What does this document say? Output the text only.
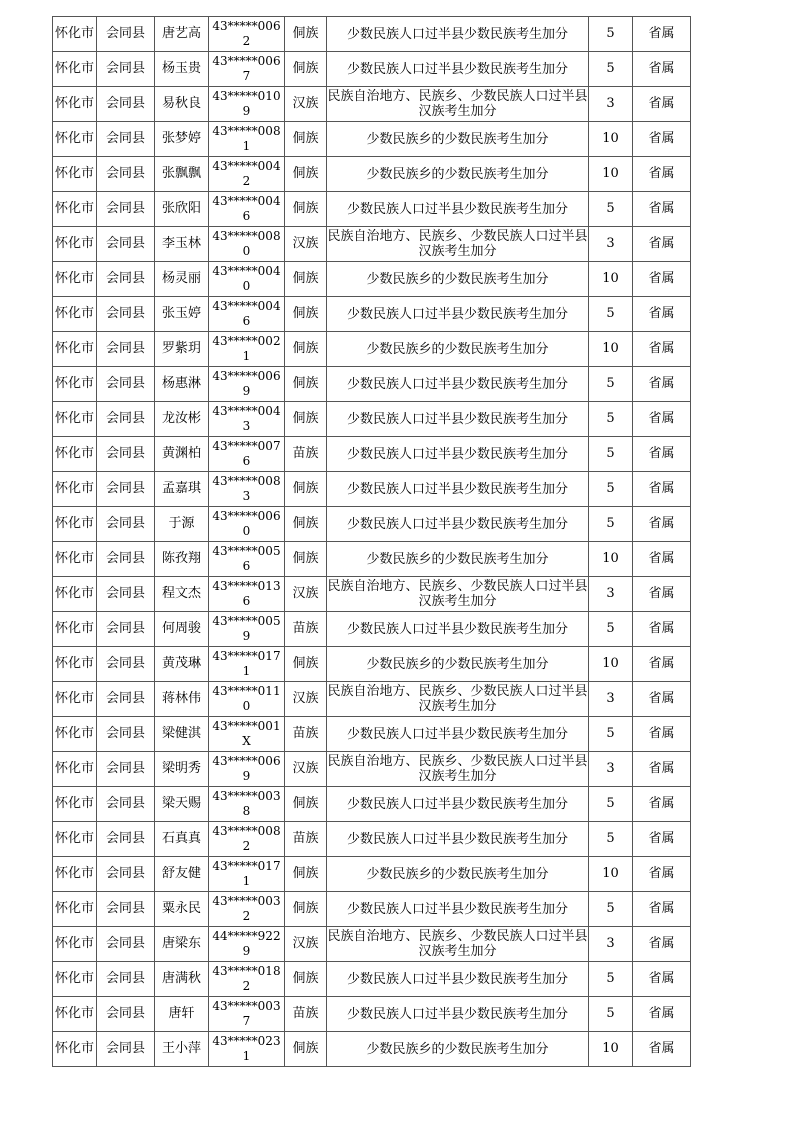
怀化市	会同县	唐艺高	43*****0062	侗族	少数民族人口过半县少数民族考生加分	5	省属
怀化市	会同县	杨玉贵	43*****0067	侗族	少数民族人口过半县少数民族考生加分	5	省属
怀化市	会同县	易秋良	43*****0109	汉族	民族自治地方、民族乡、少数民族人口过半县汉族考生加分	3	省属
怀化市	会同县	张梦婷	43*****0081	侗族	少数民族乡的少数民族考生加分	10	省属
怀化市	会同县	张飘飘	43*****0042	侗族	少数民族乡的少数民族考生加分	10	省属
怀化市	会同县	张欣阳	43*****0046	侗族	少数民族人口过半县少数民族考生加分	5	省属
怀化市	会同县	李玉林	43*****0080	汉族	民族自治地方、民族乡、少数民族人口过半县汉族考生加分	3	省属
怀化市	会同县	杨灵丽	43*****0040	侗族	少数民族乡的少数民族考生加分	10	省属
怀化市	会同县	张玉婷	43*****0046	侗族	少数民族人口过半县少数民族考生加分	5	省属
怀化市	会同县	罗紫玥	43*****0021	侗族	少数民族乡的少数民族考生加分	10	省属
怀化市	会同县	杨惠淋	43*****0069	侗族	少数民族人口过半县少数民族考生加分	5	省属
怀化市	会同县	龙汝彬	43*****0043	侗族	少数民族人口过半县少数民族考生加分	5	省属
怀化市	会同县	黄渊柏	43*****0076	苗族	少数民族人口过半县少数民族考生加分	5	省属
怀化市	会同县	孟嘉琪	43*****0083	侗族	少数民族人口过半县少数民族考生加分	5	省属
怀化市	会同县	于源	43*****0060	侗族	少数民族人口过半县少数民族考生加分	5	省属
怀化市	会同县	陈孜翔	43*****0056	侗族	少数民族乡的少数民族考生加分	10	省属
怀化市	会同县	程文杰	43*****0136	汉族	民族自治地方、民族乡、少数民族人口过半县汉族考生加分	3	省属
怀化市	会同县	何周骏	43*****0059	苗族	少数民族人口过半县少数民族考生加分	5	省属
怀化市	会同县	黄茂琳	43*****0171	侗族	少数民族乡的少数民族考生加分	10	省属
怀化市	会同县	蒋林伟	43*****0110	汉族	民族自治地方、民族乡、少数民族人口过半县汉族考生加分	3	省属
怀化市	会同县	梁健淇	43*****001X	苗族	少数民族人口过半县少数民族考生加分	5	省属
怀化市	会同县	梁明秀	43*****0069	汉族	民族自治地方、民族乡、少数民族人口过半县汉族考生加分	3	省属
怀化市	会同县	梁天赐	43*****0038	侗族	少数民族人口过半县少数民族考生加分	5	省属
怀化市	会同县	石真真	43*****0082	苗族	少数民族人口过半县少数民族考生加分	5	省属
怀化市	会同县	舒友健	43*****0171	侗族	少数民族乡的少数民族考生加分	10	省属
怀化市	会同县	粟永民	43*****0032	侗族	少数民族人口过半县少数民族考生加分	5	省属
怀化市	会同县	唐梁东	44*****9229	汉族	民族自治地方、民族乡、少数民族人口过半县汉族考生加分	3	省属
怀化市	会同县	唐满秋	43*****0182	侗族	少数民族人口过半县少数民族考生加分	5	省属
怀化市	会同县	唐轩	43*****0037	苗族	少数民族人口过半县少数民族考生加分	5	省属
怀化市	会同县	王小萍	43*****0231	侗族	少数民族乡的少数民族考生加分	10	省属
